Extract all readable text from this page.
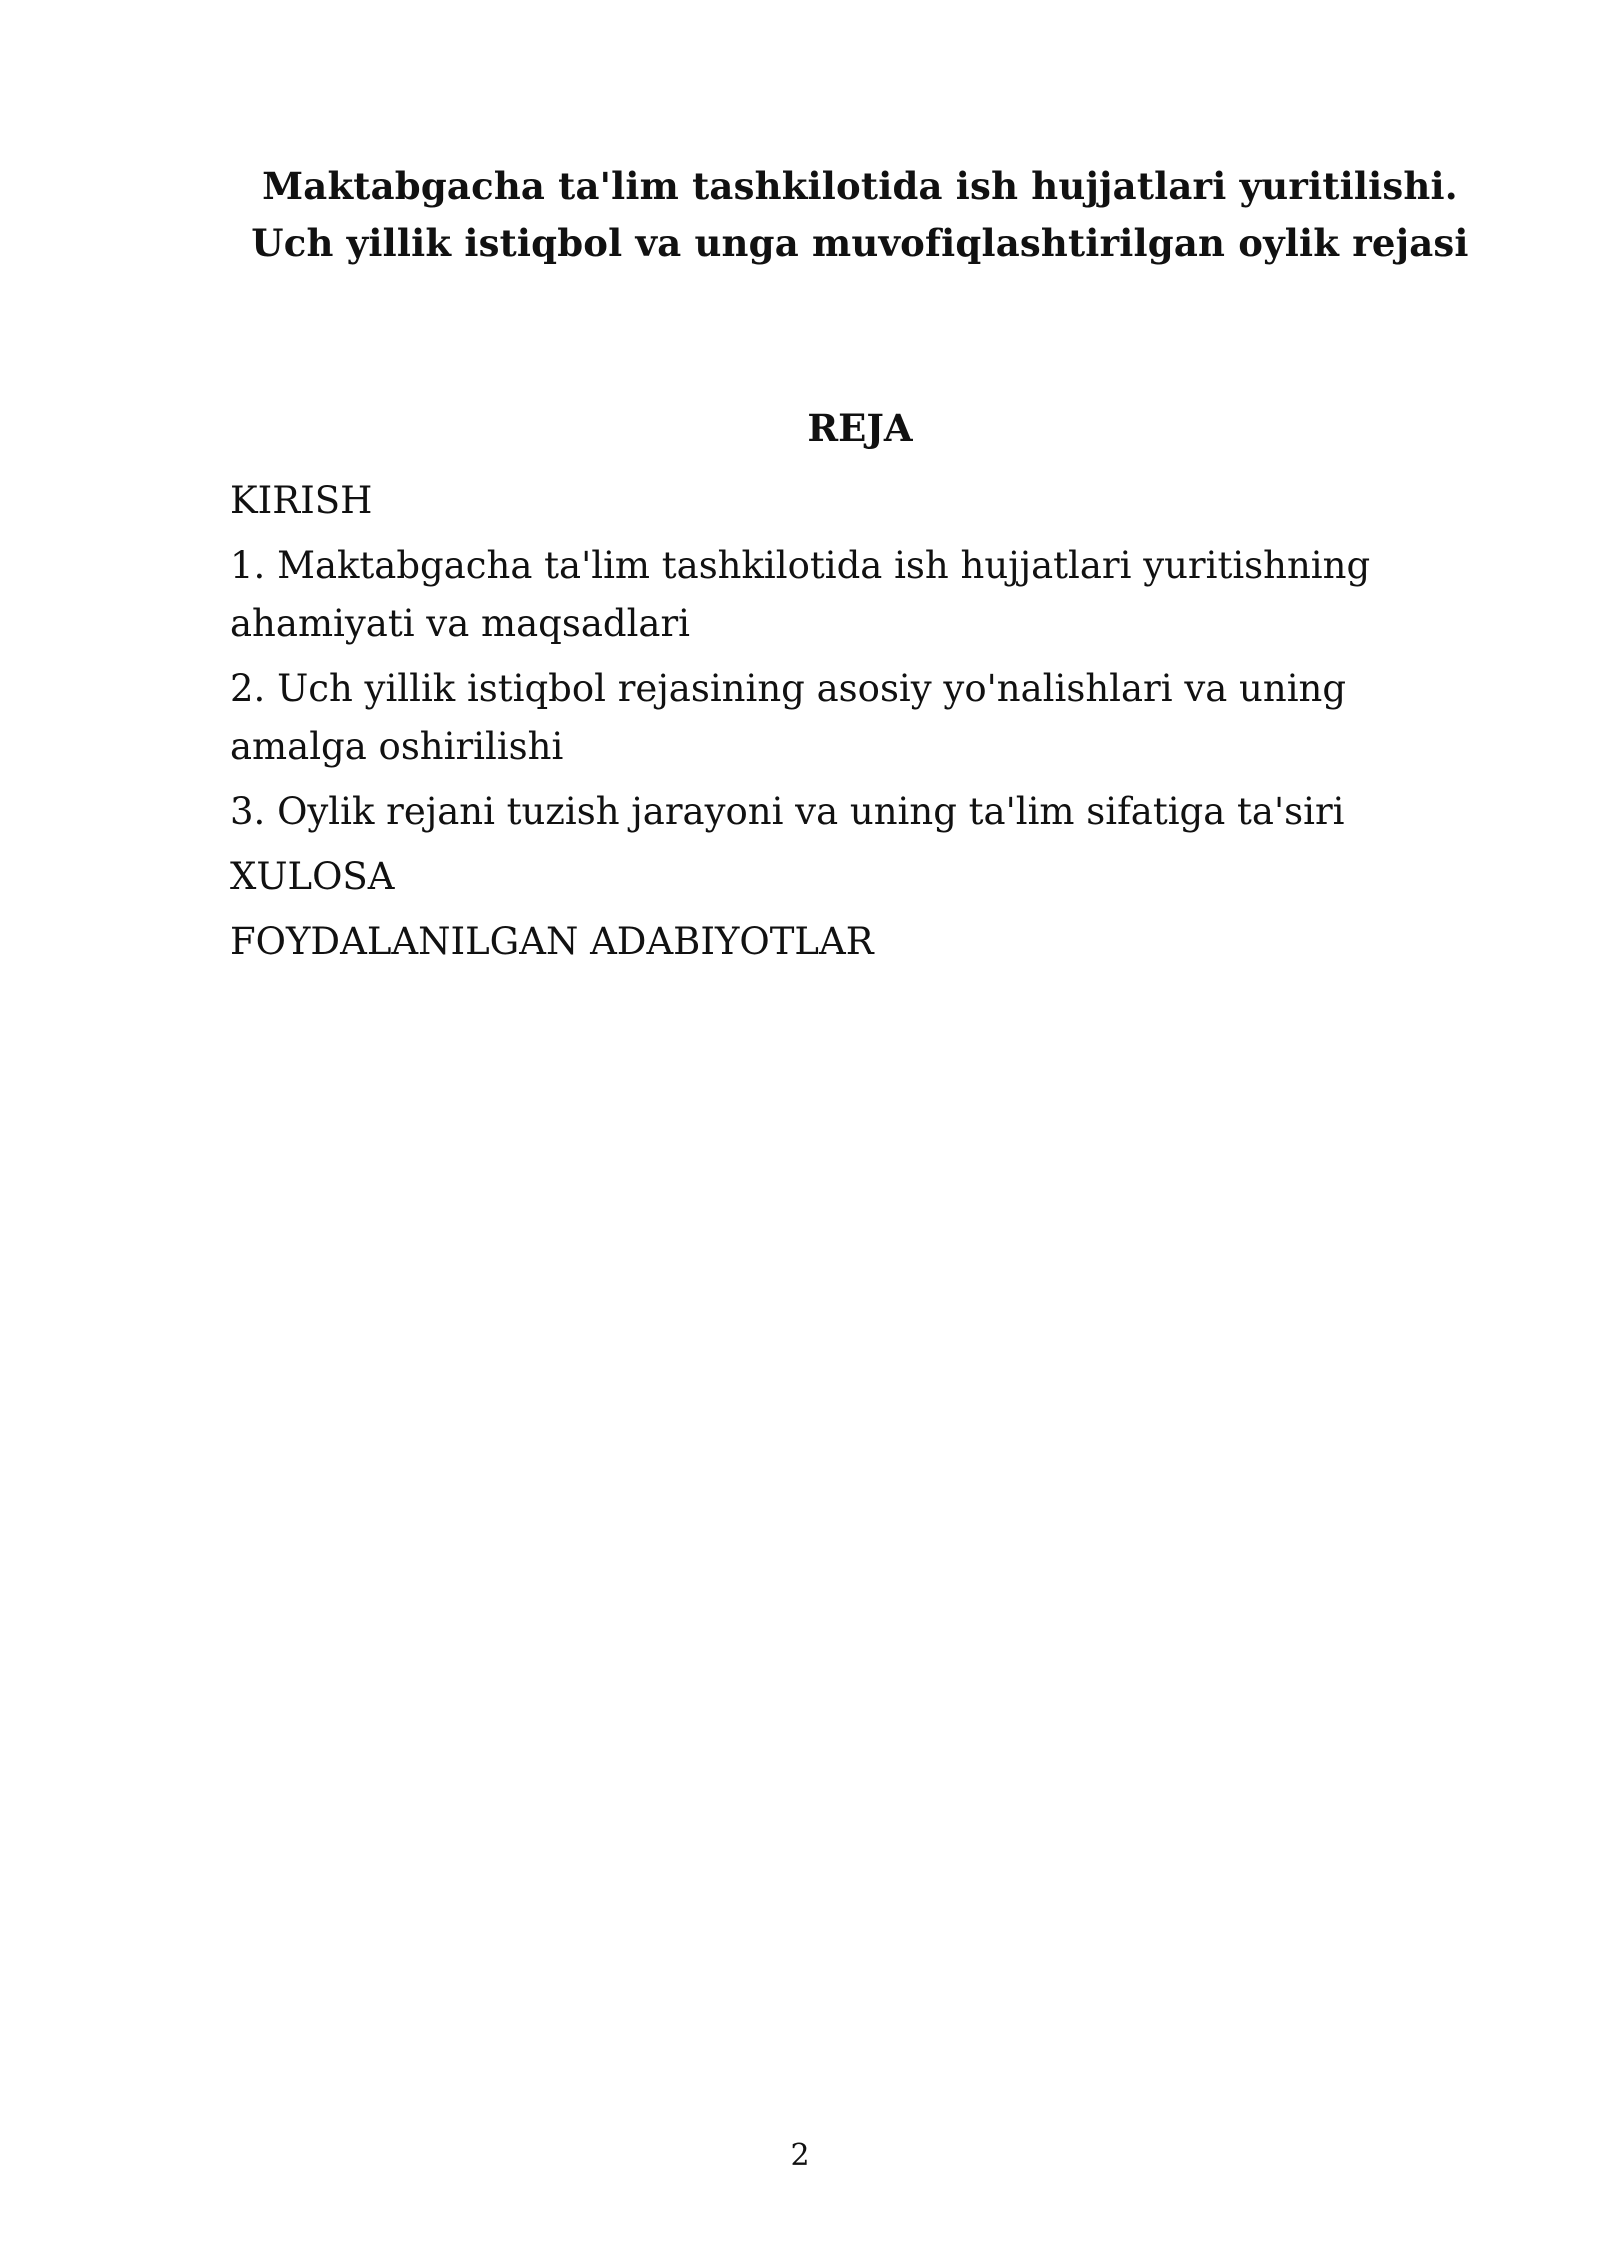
Maktabgacha ta'lim tashkilotida ish hujjatlari yuritilishi.
Uch yillik istiqbol va unga muvofiqlashtirilgan oylik rejasi
REJA
KIRISH
1. Maktabgacha ta'lim tashkilotida ish hujjatlari yuritishning ahamiyati va maqsadlari
2. Uch yillik istiqbol rejasining asosiy yo'nalishlari va uning amalga oshirilishi
3. Oylik rejani tuzish jarayoni va uning ta'lim sifatiga ta'siri
XULOSA
FOYDALANILGAN ADABIYOTLAR
2
